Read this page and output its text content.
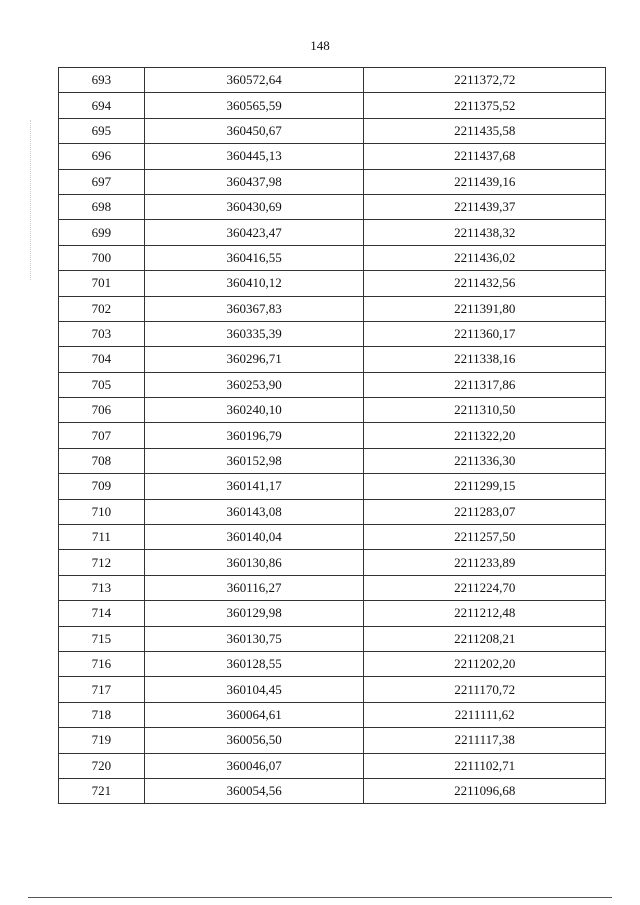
148
693	360572,64	2211372,72
694	360565,59	2211375,52
695	360450,67	2211435,58
696	360445,13	2211437,68
697	360437,98	2211439,16
698	360430,69	2211439,37
699	360423,47	2211438,32
700	360416,55	2211436,02
701	360410,12	2211432,56
702	360367,83	2211391,80
703	360335,39	2211360,17
704	360296,71	2211338,16
705	360253,90	2211317,86
706	360240,10	2211310,50
707	360196,79	2211322,20
708	360152,98	2211336,30
709	360141,17	2211299,15
710	360143,08	2211283,07
711	360140,04	2211257,50
712	360130,86	2211233,89
713	360116,27	2211224,70
714	360129,98	2211212,48
715	360130,75	2211208,21
716	360128,55	2211202,20
717	360104,45	2211170,72
718	360064,61	2211111,62
719	360056,50	2211117,38
720	360046,07	2211102,71
721	360054,56	2211096,68
